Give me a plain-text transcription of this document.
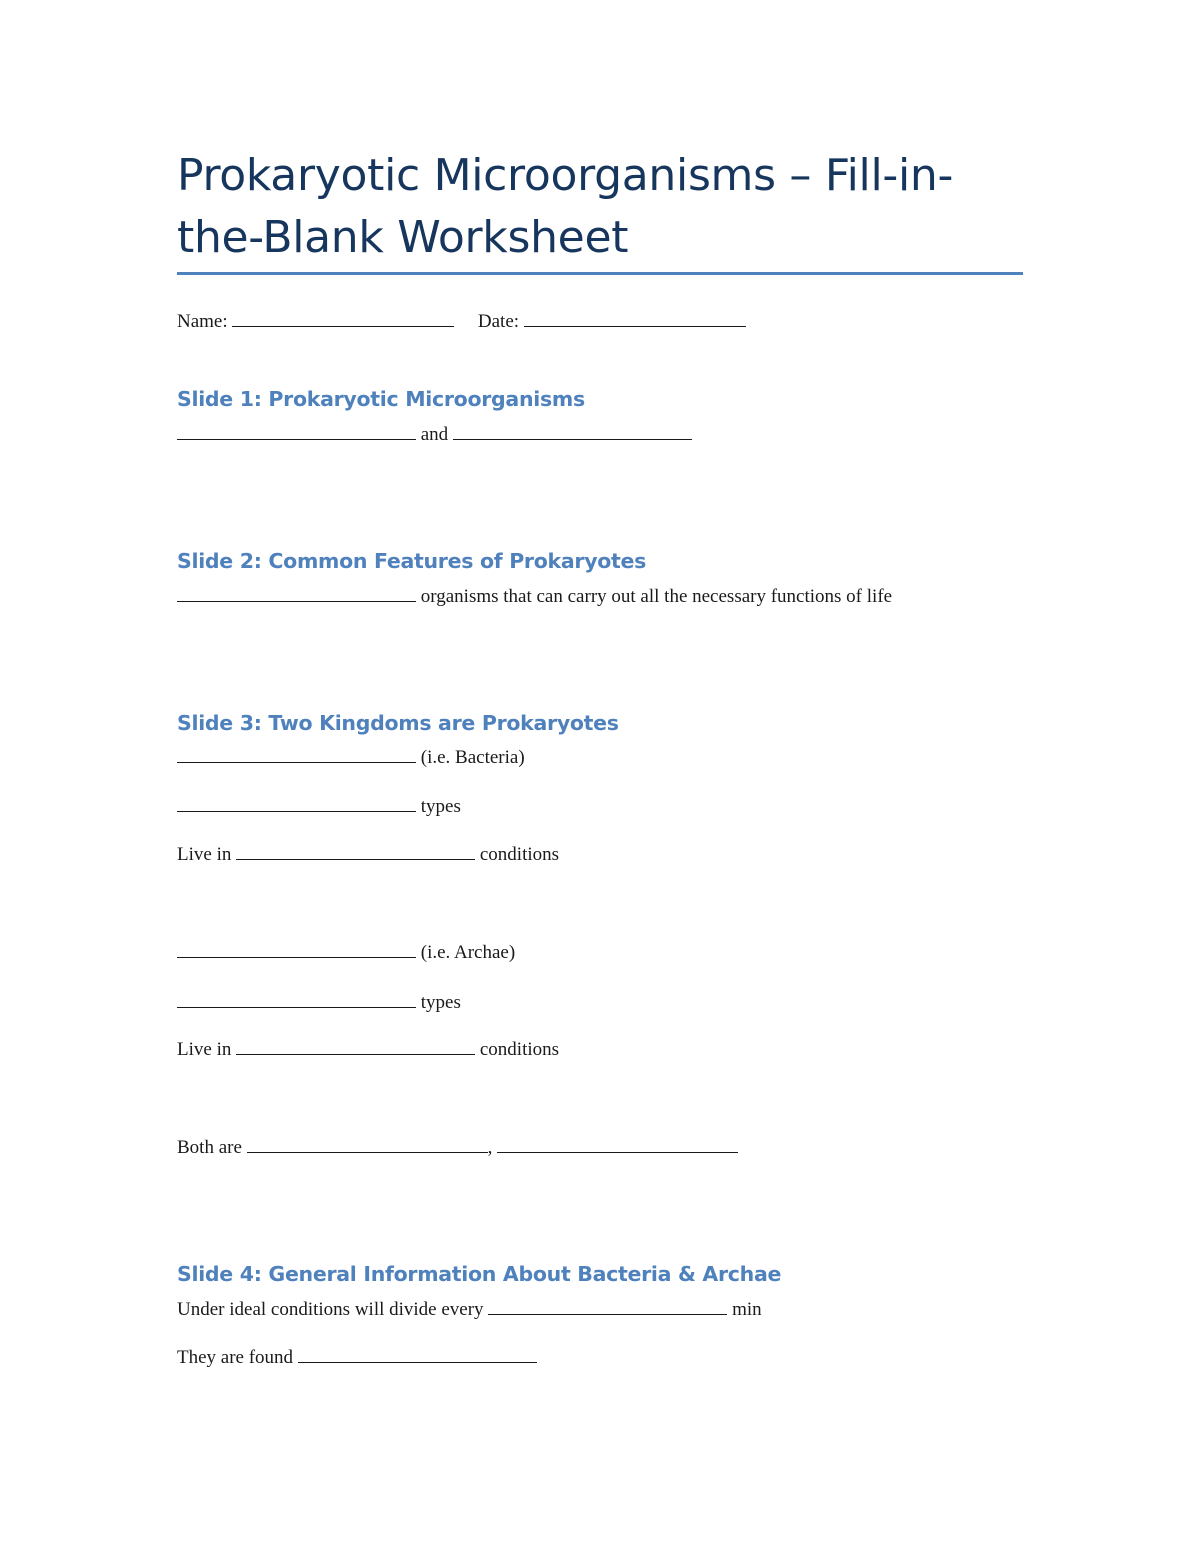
Prokaryotic Microorganisms – Fill-in-the-Blank Worksheet
Name:	Date:
Slide 1: Prokaryotic Microorganisms
and
Slide 2: Common Features of Prokaryotes
organisms that can carry out all the necessary functions of life
Slide 3: Two Kingdoms are Prokaryotes
(i.e. Bacteria)
types
Live in	conditions
(i.e. Archae)
types
Live in	conditions
Both are	,
Slide 4: General Information About Bacteria & Archae
Under ideal conditions will divide every	min
They are found
